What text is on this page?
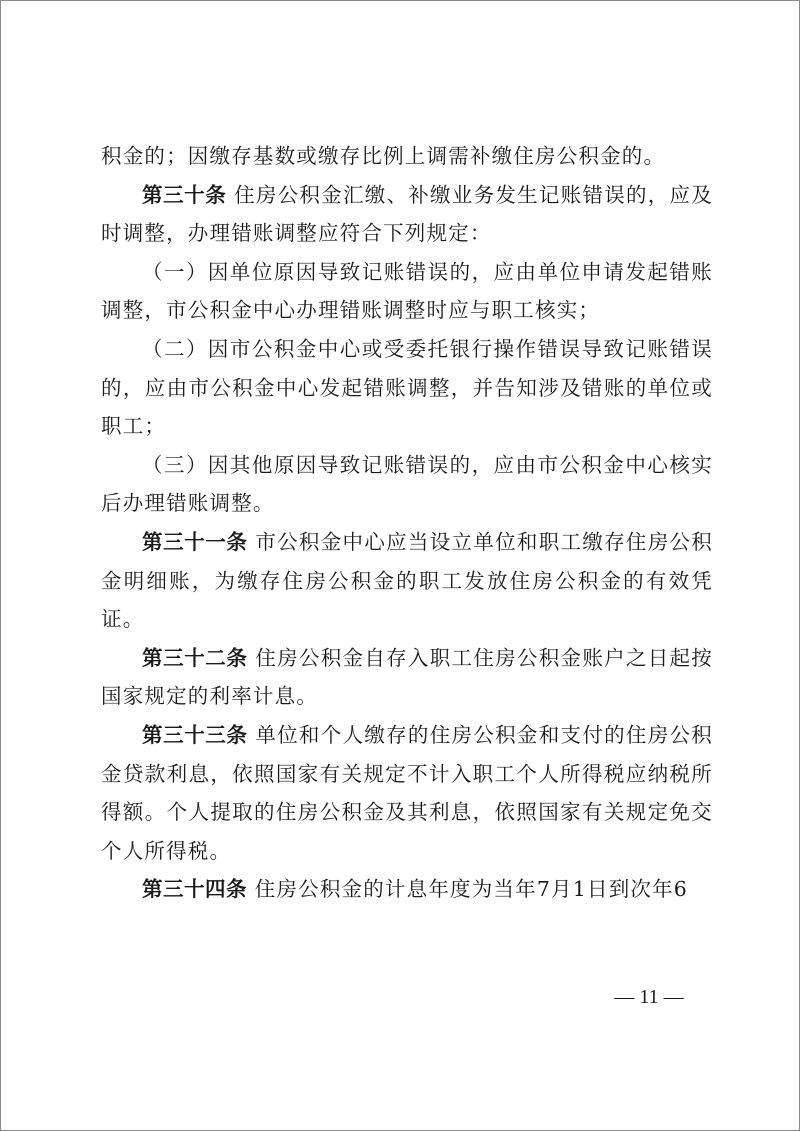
积金的；因缴存基数或缴存比例上调需补缴住房公积金的。

第三十条 住房公积金汇缴、补缴业务发生记账错误的，应及时调整，办理错账调整应符合下列规定：

（一）因单位原因导致记账错误的，应由单位申请发起错账调整，市公积金中心办理错账调整时应与职工核实；

（二）因市公积金中心或受委托银行操作错误导致记账错误的，应由市公积金中心发起错账调整，并告知涉及错账的单位或职工；

（三）因其他原因导致记账错误的，应由市公积金中心核实后办理错账调整。

第三十一条 市公积金中心应当设立单位和职工缴存住房公积金明细账，为缴存住房公积金的职工发放住房公积金的有效凭证。

第三十二条 住房公积金自存入职工住房公积金账户之日起按国家规定的利率计息。

第三十三条 单位和个人缴存的住房公积金和支付的住房公积金贷款利息，依照国家有关规定不计入职工个人所得税应纳税所得额。个人提取的住房公积金及其利息，依照国家有关规定免交个人所得税。

第三十四条 住房公积金的计息年度为当年7月1日到次年6

— 11 —
